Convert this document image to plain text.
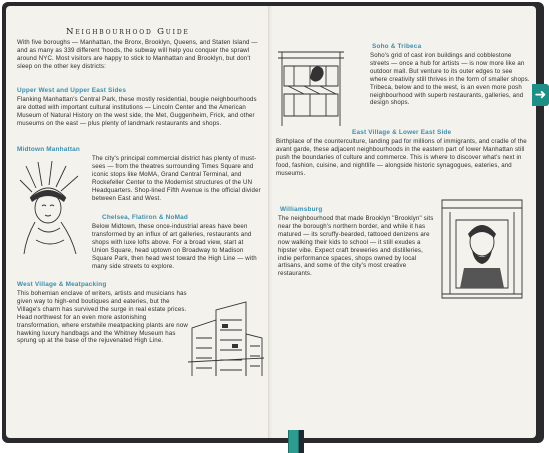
Neighbourhood Guide
With five boroughs — Manhattan, the Bronx, Brooklyn, Queens, and Staten Island — and as many as 339 different 'hoods, the subway will help you conquer the sprawl around NYC. Most visitors are happy to stick to Manhattan and Brooklyn, but don't sleep on the other key districts:
Upper West and Upper East Sides
Flanking Manhattan's Central Park, these mostly residential, bougie neighbourhoods are dotted with important cultural institutions — Lincoln Center and the American Museum of Natural History on the west side, the Met, Guggenheim, Frick, and other museums on the east — plus plenty of landmark restaurants and shops.
Midtown Manhattan
The city's principal commercial district has plenty of must-sees — from the theatres surrounding Times Square and iconic stops like MoMA, Grand Central Terminal, and Rockefeller Center to the Modernist structures of the UN Headquarters. Shop-lined Fifth Avenue is the official divider between East and West.
Chelsea, Flatiron & NoMad
Below Midtown, these once-industrial areas have been transformed by an influx of art galleries, restaurants and shops with luxe lofts above. For a broad view, start at Union Square, head uptown on Broadway to Madison Square Park, then head west toward the High Line — with many side streets to explore.
West Village & Meatpacking
This bohemian enclave of writers, artists and musicians has given way to high-end boutiques and eateries, but the Village's charm has survived the surge in real estate prices. Head northwest for an even more astonishing transformation, where erstwhile meatpacking plants are now hawking luxury handbags and the Whitney Museum has sprung up at the base of the rejuvenated High Line.
Soho & Tribeca
Soho's grid of cast iron buildings and cobblestone streets — once a hub for artists — is now more like an outdoor mall. But venture to its outer edges to see where creativity still thrives in the form of smaller shops. Tribeca, below and to the west, is an even more posh neighbourhood with superb restaurants, galleries, and design shops.
East Village & Lower East Side
Birthplace of the counterculture, landing pad for millions of immigrants, and cradle of the avant garde, these adjacent neighbourhoods in the eastern part of lower Manhattan still push the boundaries of culture and commerce. This is where to discover what's next in food, fashion, cuisine, and nightlife — alongside historic synagogues, eateries, and museums.
Williamsburg
The neighbourhood that made Brooklyn "Brooklyn" sits near the borough's northern border, and while it has matured — its scruffy-bearded, tattooed denizens are now walking their kids to school — it still exudes a hipster vibe. Expect craft breweries and distilleries, indie performance spaces, shops owned by local artisans, and some of the city's most creative restaurants.
➜
